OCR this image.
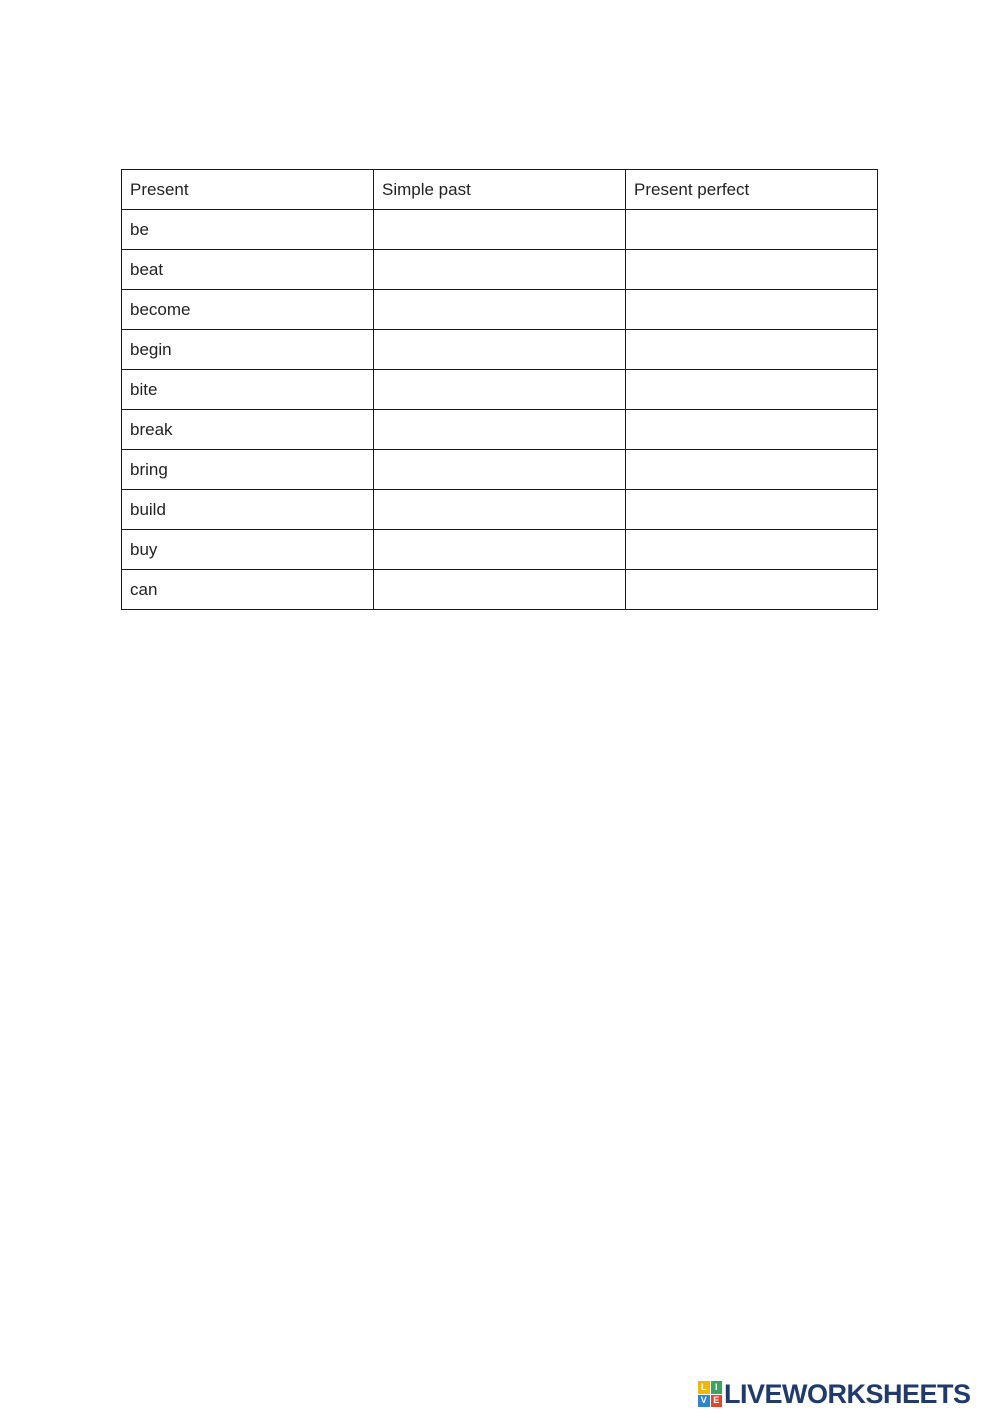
Present	Simple past	Present perfect
be		
beat		
become		
begin		
bite		
break		
bring		
build		
buy		
can		
L I
V E LIVEWORKSHEETS
